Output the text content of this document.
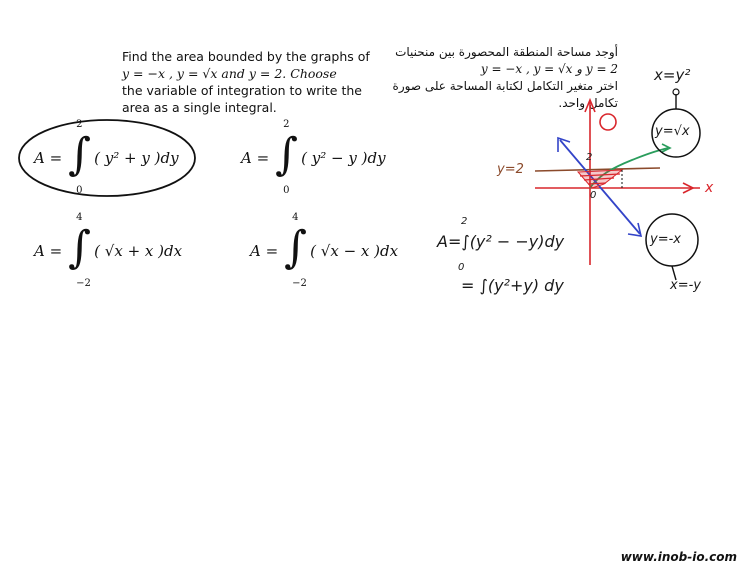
Find the area bounded by the graphs of
y = −x , y = √x and y = 2. Choose
the variable of integration to write the
area as a single integral.
أوجد مساحة المنطقة المحصورة بين منحنيات
y = 2 و y = −x , y = √x
اختر متغير التكامل لكتابة المساحة على صورة
تكامل واحد.
A =
2
∫
0
( y² + y )dy	A =
2
∫
0
( y² − y )dy
A =
4
∫
−2
( √x + x )dx	A =
4
∫
−2
( √x − x )dx
x=y²
y=√x
y=-x
x=-y
y=2
x
2
0
2
A=∫(y² − −y)dy
0
= ∫(y²+y) dy
www.inob-io.com
